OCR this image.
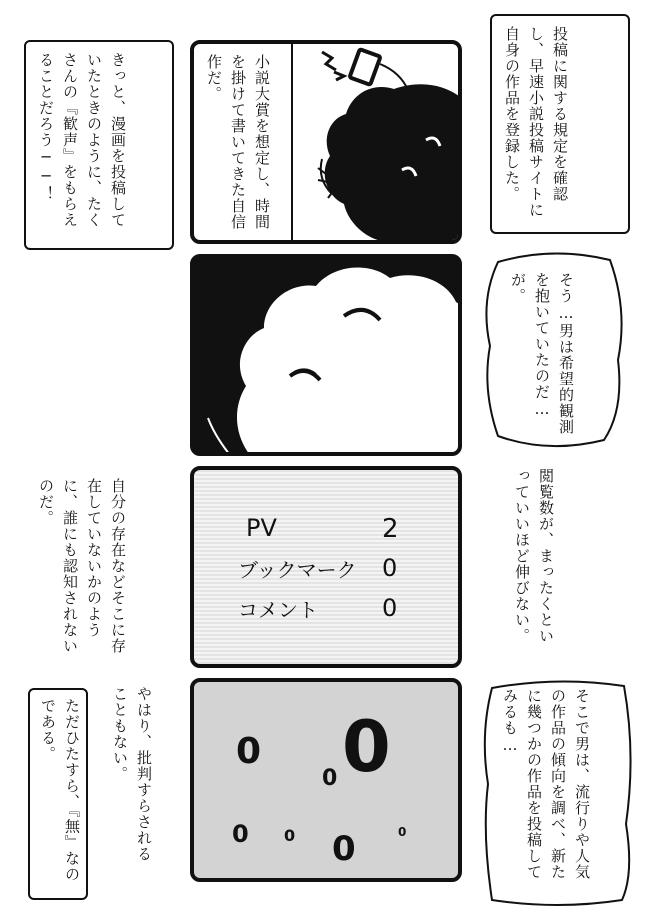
投稿に関する規定を確認し、早速小説投稿サイトに自身の作品を登録した。
小説大賞を想定し、時間を掛けて書いてきた自信作だ。
きっと、漫画を投稿していたときのように、たくさんの『歓声』をもらえることだろう──！
そう…男は希望的観測を抱いていたのだ…が。
閲覧数が、まったくといっていいほど伸びない。
PV	2
ブックマーク 0
コメント	0
自分の存在などそこに存在していないかのように、誰にも認知されないのだ。
そこで男は、流行りや人気の作品の傾向を調べ、新たに幾つかの作品を投稿してみるも…
0 0
0
0 0 0	0
やはり、批判すらされることもない。
ただひたすら、『無』なのである。
